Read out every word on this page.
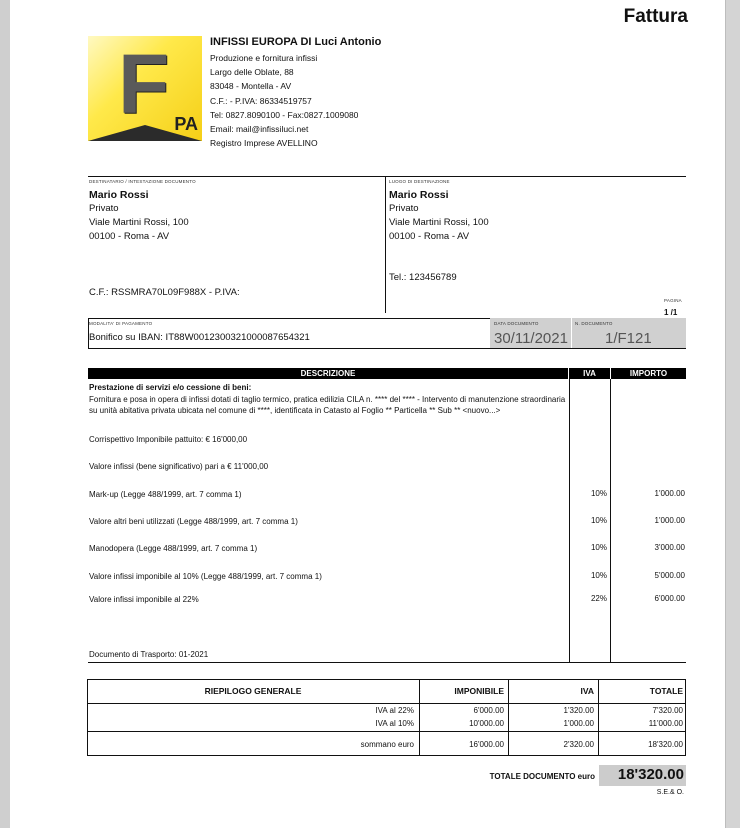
Fattura
F PA
INFISSI EUROPA DI Luci Antonio
Produzione e fornitura infissi
Largo delle Oblate, 88
83048 - Montella - AV
C.F.: - P.IVA: 86334519757
Tel: 0827.8090100 - Fax:0827.1009080
Email: mail@infissiluci.net
Registro Imprese AVELLINO
DESTINATARIO / INTESTAZIONE DOCUMENTO
Mario Rossi
Privato
Viale Martini Rossi, 100
00100 - Roma - AV
C.F.: RSSMRA70L09F988X - P.IVA:
LUOGO DI DESTINAZIONE
Mario Rossi
Privato
Viale Martini Rossi, 100
00100 - Roma - AV
Tel.: 123456789
PAGINA
1 /1
MODALITA' DI PAGAMENTO
Bonifico su IBAN: IT88W0012300321000087654321
DATA DOCUMENTO
30/11/2021
N. DOCUMENTO
1/F121
DESCRIZIONE	IVA	IMPORTO
Prestazione di servizi e/o cessione di beni:
Fornitura e posa in opera di infissi dotati di taglio termico, pratica edilizia CILA n. **** del **** - Intervento di manutenzione straordinaria
su unità abitativa privata ubicata nel comune di ****, identificata in Catasto al Foglio ** Particella ** Sub ** <nuovo...>
Corrispettivo Imponibile pattuito: € 16'000,00
Valore infissi (bene significativo) pari a € 11'000,00
Mark-up (Legge 488/1999, art. 7 comma 1)	10%	1'000.00
Valore altri beni utilizzati (Legge 488/1999, art. 7 comma 1)	10%	1'000.00
Manodopera (Legge 488/1999, art. 7 comma 1)	10%	3'000.00
Valore infissi imponibile al 10% (Legge 488/1999, art. 7 comma 1)	10%	5'000.00
Valore infissi imponibile al 22%	22%	6'000.00
Documento di Trasporto: 01-2021
RIEPILOGO GENERALE	IMPONIBILE	IVA	TOTALE
IVA al 22%	6'000.00	1'320.00	7'320.00
IVA al 10%	10'000.00	1'000.00	11'000.00
sommano euro	16'000.00	2'320.00	18'320.00
TOTALE DOCUMENTO euro	18'320.00
S.E.& O.
